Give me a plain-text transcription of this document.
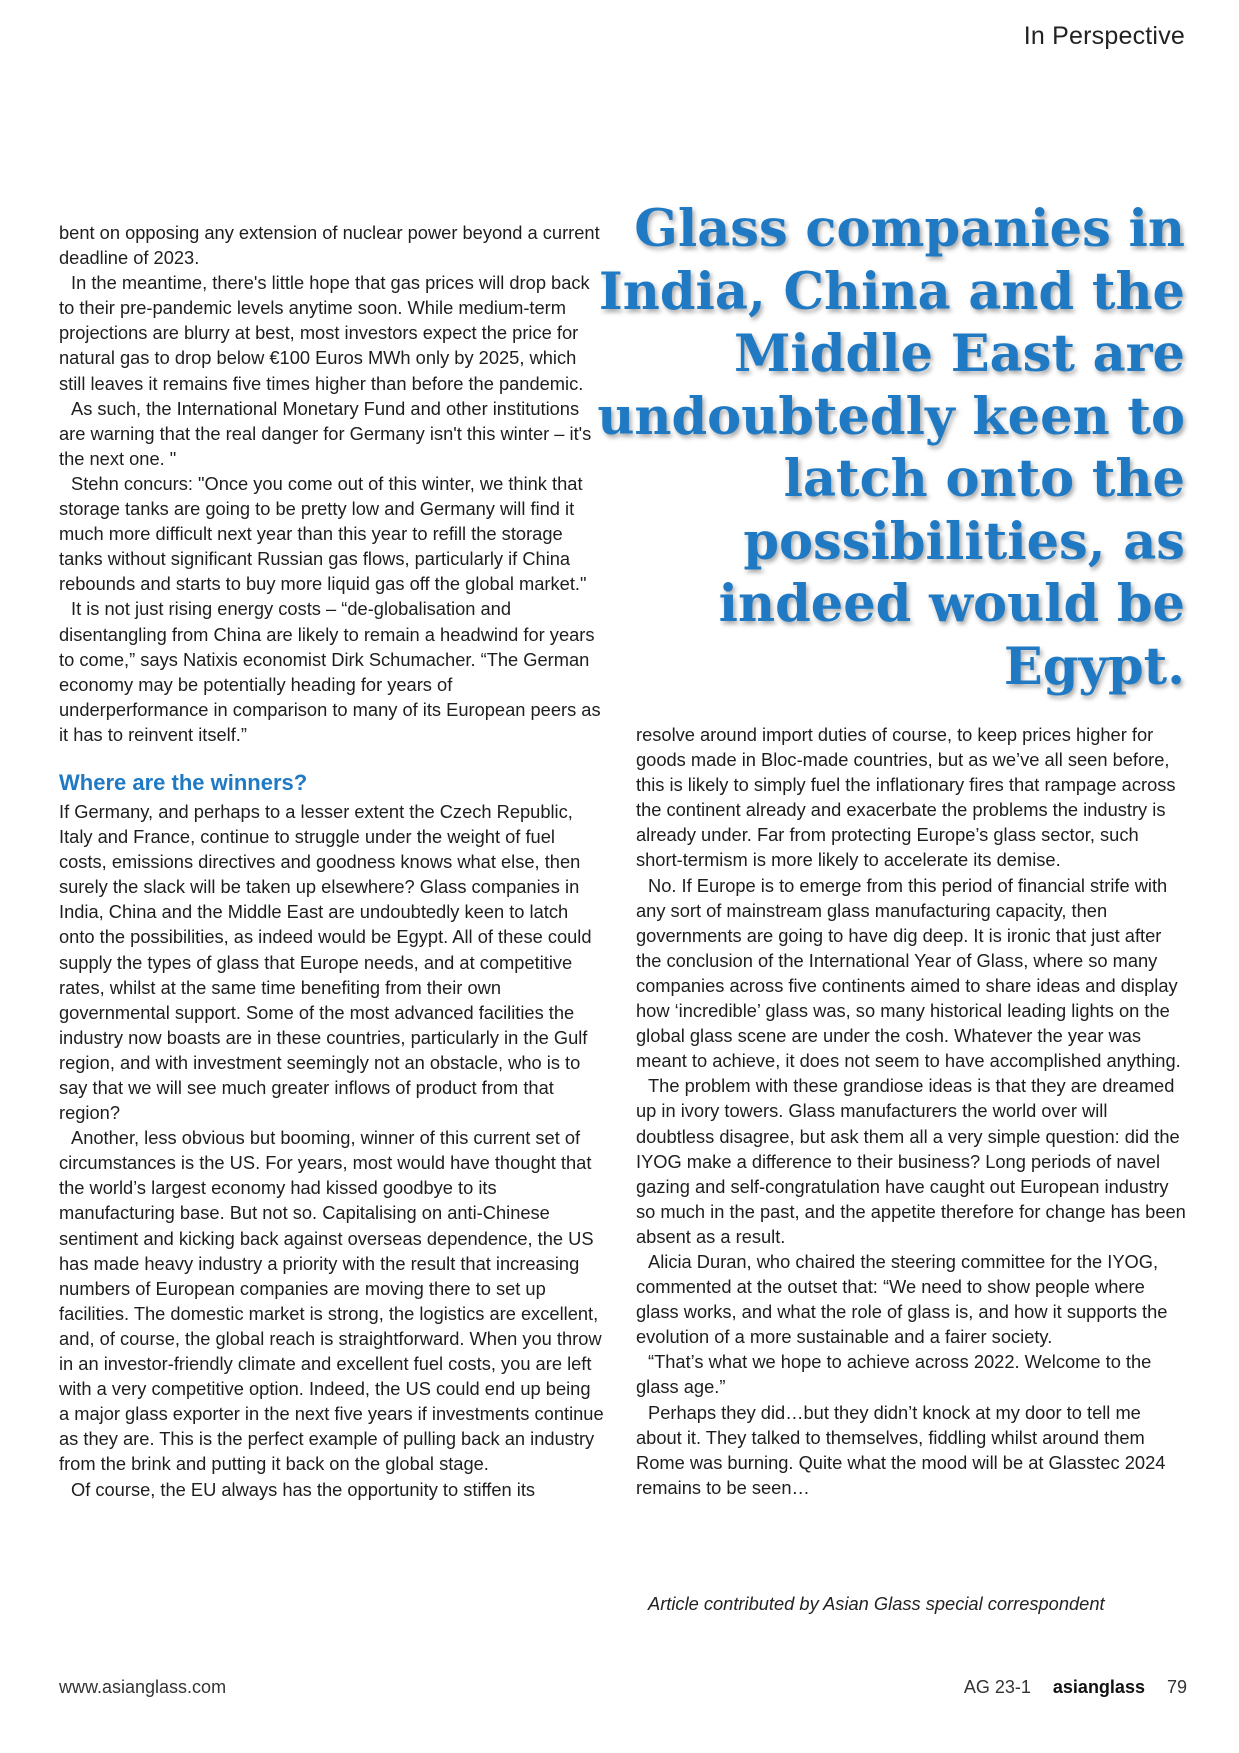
In Perspective
Glass companies in India, China and the Middle East are undoubtedly keen to latch onto the possibilities, as indeed would be Egypt.

bent on opposing any extension of nuclear power beyond a current deadline of 2023.

In the meantime, there's little hope that gas prices will drop back to their pre-pandemic levels anytime soon. While medium-term projections are blurry at best, most investors expect the price for natural gas to drop below €100 Euros MWh only by 2025, which still leaves it remains five times higher than before the pandemic.

As such, the International Monetary Fund and other institutions are warning that the real danger for Germany isn't this winter – it's the next one. "

Stehn concurs: "Once you come out of this winter, we think that storage tanks are going to be pretty low and Germany will find it much more difficult next year than this year to refill the storage tanks without significant Russian gas flows, particularly if China rebounds and starts to buy more liquid gas off the global market."

It is not just rising energy costs – “de-globalisation and disentangling from China are likely to remain a headwind for years to come,” says Natixis economist Dirk Schumacher. “The German economy may be potentially heading for years of underperformance in comparison to many of its European peers as it has to reinvent itself.”

Where are the winners?

If Germany, and perhaps to a lesser extent the Czech Republic, Italy and France, continue to struggle under the weight of fuel costs, emissions directives and goodness knows what else, then surely the slack will be taken up elsewhere? Glass companies in India, China and the Middle East are undoubtedly keen to latch onto the possibilities, as indeed would be Egypt. All of these could supply the types of glass that Europe needs, and at competitive rates, whilst at the same time benefiting from their own governmental support. Some of the most advanced facilities the industry now boasts are in these countries, particularly in the Gulf region, and with investment seemingly not an obstacle, who is to say that we will see much greater inflows of product from that region?

Another, less obvious but booming, winner of this current set of circumstances is the US. For years, most would have thought that the world’s largest economy had kissed goodbye to its manufacturing base. But not so. Capitalising on anti-Chinese sentiment and kicking back against overseas dependence, the US has made heavy industry a priority with the result that increasing numbers of European companies are moving there to set up facilities. The domestic market is strong, the logistics are excellent, and, of course, the global reach is straightforward. When you throw in an investor-friendly climate and excellent fuel costs, you are left with a very competitive option. Indeed, the US could end up being a major glass exporter in the next five years if investments continue as they are. This is the perfect example of pulling back an industry from the brink and putting it back on the global stage.

Of course, the EU always has the opportunity to stiffen its

resolve around import duties of course, to keep prices higher for goods made in Bloc-made countries, but as we’ve all seen before, this is likely to simply fuel the inflationary fires that rampage across the continent already and exacerbate the problems the industry is already under. Far from protecting Europe’s glass sector, such short-termism is more likely to accelerate its demise.

No. If Europe is to emerge from this period of financial strife with any sort of mainstream glass manufacturing capacity, then governments are going to have dig deep. It is ironic that just after the conclusion of the International Year of Glass, where so many companies across five continents aimed to share ideas and display how ‘incredible’ glass was, so many historical leading lights on the global glass scene are under the cosh. Whatever the year was meant to achieve, it does not seem to have accomplished anything.

The problem with these grandiose ideas is that they are dreamed up in ivory towers. Glass manufacturers the world over will doubtless disagree, but ask them all a very simple question: did the IYOG make a difference to their business? Long periods of navel gazing and self-congratulation have caught out European industry so much in the past, and the appetite therefore for change has been absent as a result.

Alicia Duran, who chaired the steering committee for the IYOG, commented at the outset that: “We need to show people where glass works, and what the role of glass is, and how it supports the evolution of a more sustainable and a fairer society.

“That’s what we hope to achieve across 2022. Welcome to the glass age.”

Perhaps they did…but they didn’t knock at my door to tell me about it. They talked to themselves, fiddling whilst around them Rome was burning. Quite what the mood will be at Glasstec 2024 remains to be seen…

Article contributed by Asian Glass special correspondent
www.asianglass.com	AG 23-1 asianglass 79
